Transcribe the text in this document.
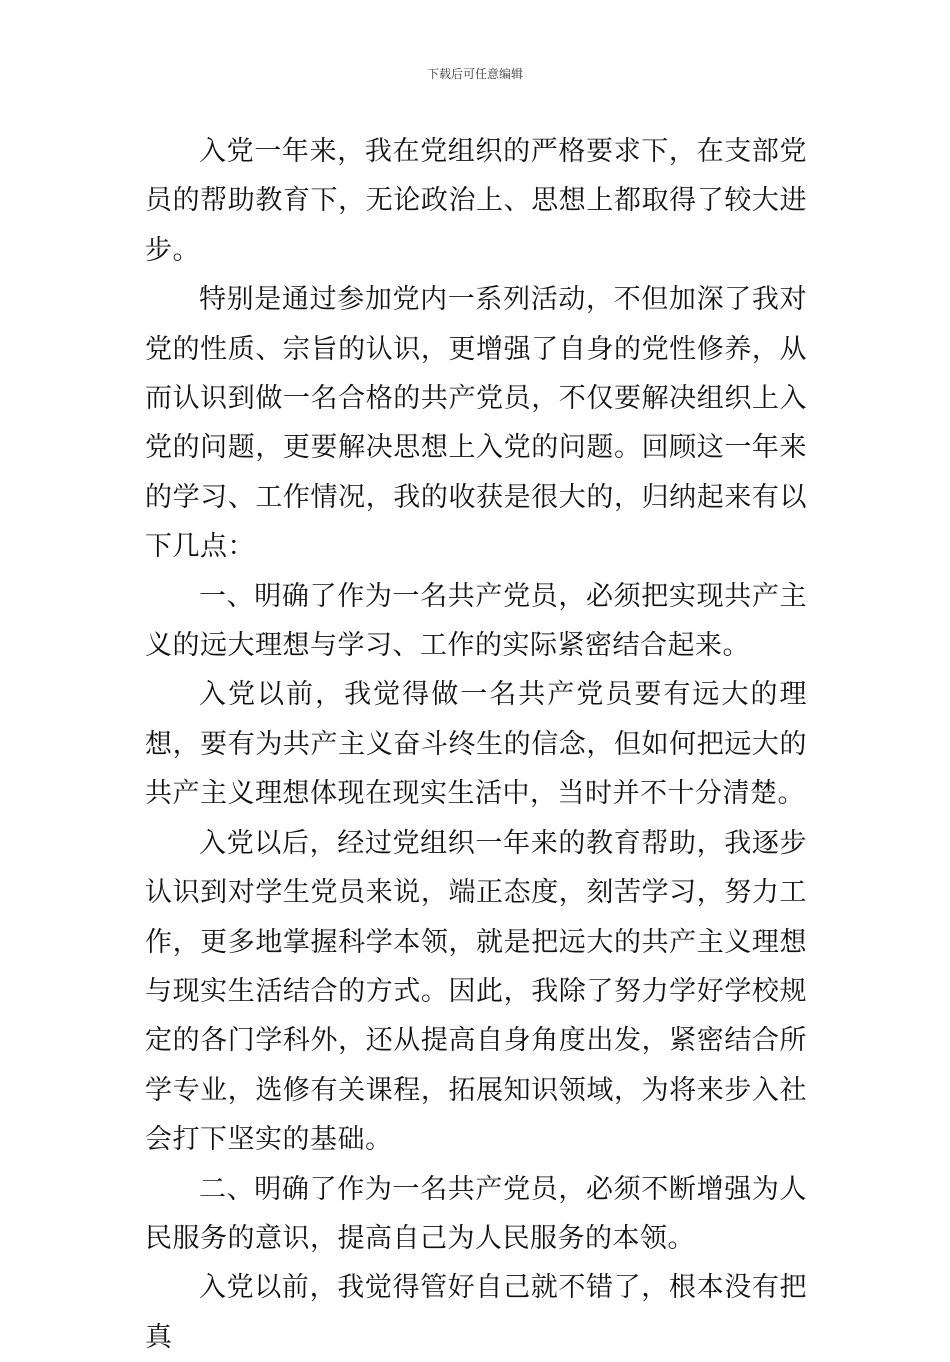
下载后可任意编辑

入党一年来，我在党组织的严格要求下，在支部党员的帮助教育下，无论政治上、思想上都取得了较大进步。

特别是通过参加党内一系列活动，不但加深了我对党的性质、宗旨的认识，更增强了自身的党性修养，从而认识到做一名合格的共产党员，不仅要解决组织上入党的问题，更要解决思想上入党的问题。回顾这一年来的学习、工作情况，我的收获是很大的，归纳起来有以下几点：

一、明确了作为一名共产党员，必须把实现共产主义的远大理想与学习、工作的实际紧密结合起来。

入党以前，我觉得做一名共产党员要有远大的理想，要有为共产主义奋斗终生的信念，但如何把远大的共产主义理想体现在现实生活中，当时并不十分清楚。

入党以后，经过党组织一年来的教育帮助，我逐步认识到对学生党员来说，端正态度，刻苦学习，努力工作，更多地掌握科学本领，就是把远大的共产主义理想与现实生活结合的方式。因此，我除了努力学好学校规定的各门学科外，还从提高自身角度出发，紧密结合所学专业，选修有关课程，拓展知识领域，为将来步入社会打下坚实的基础。

二、明确了作为一名共产党员，必须不断增强为人民服务的意识，提高自己为人民服务的本领。

入党以前，我觉得管好自己就不错了，根本没有把真
